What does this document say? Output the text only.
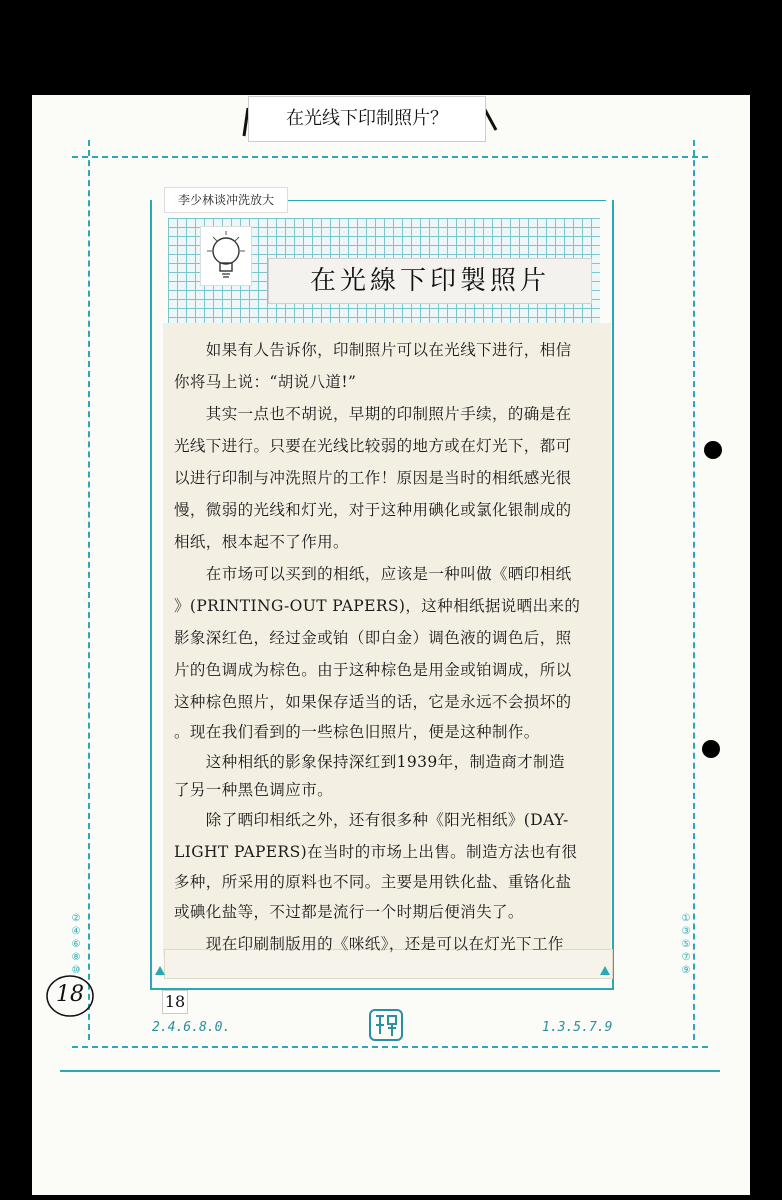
在光线下印制照片？
李少林谈冲洗放大
在光線下印製照片
　　如果有人告诉你，印制照片可以在光线下进行，相信
你将马上说：“胡说八道!”
　　其实一点也不胡说，早期的印制照片手续，的确是在
光线下进行。只要在光线比较弱的地方或在灯光下，都可
以进行印制与冲洗照片的工作！原因是当时的相纸感光很
慢，微弱的光线和灯光，对于这种用碘化或氯化银制成的
相纸，根本起不了作用。
　　在市场可以买到的相纸，应该是一种叫做《晒印相纸
》(PRINTING-OUT PAPERS)，这种相纸据说晒出来的
影象深红色，经过金或铂（即白金）调色液的调色后，照
片的色调成为棕色。由于这种棕色是用金或铂调成，所以
这种棕色照片，如果保存适当的话，它是永远不会损坏的
。现在我们看到的一些棕色旧照片，便是这种制作。
　　这种相纸的影象保持深红到1939年，制造商才制造
了另一种黑色调应市。
　　除了晒印相纸之外，还有很多种《阳光相纸》(DAY-
LIGHT PAPERS)在当时的市场上出售。制造方法也有很
多种，所采用的原料也不同。主要是用铁化盐、重铬化盐
或碘化盐等，不过都是流行一个时期后便消失了。
　　现在印刷制版用的《咪纸》，还是可以在灯光下工作
②
④
⑥
⑧
⑩
①
③
⑤
⑦
⑨
18	18
2.4.6.8.0.	1.3.5.7.9
